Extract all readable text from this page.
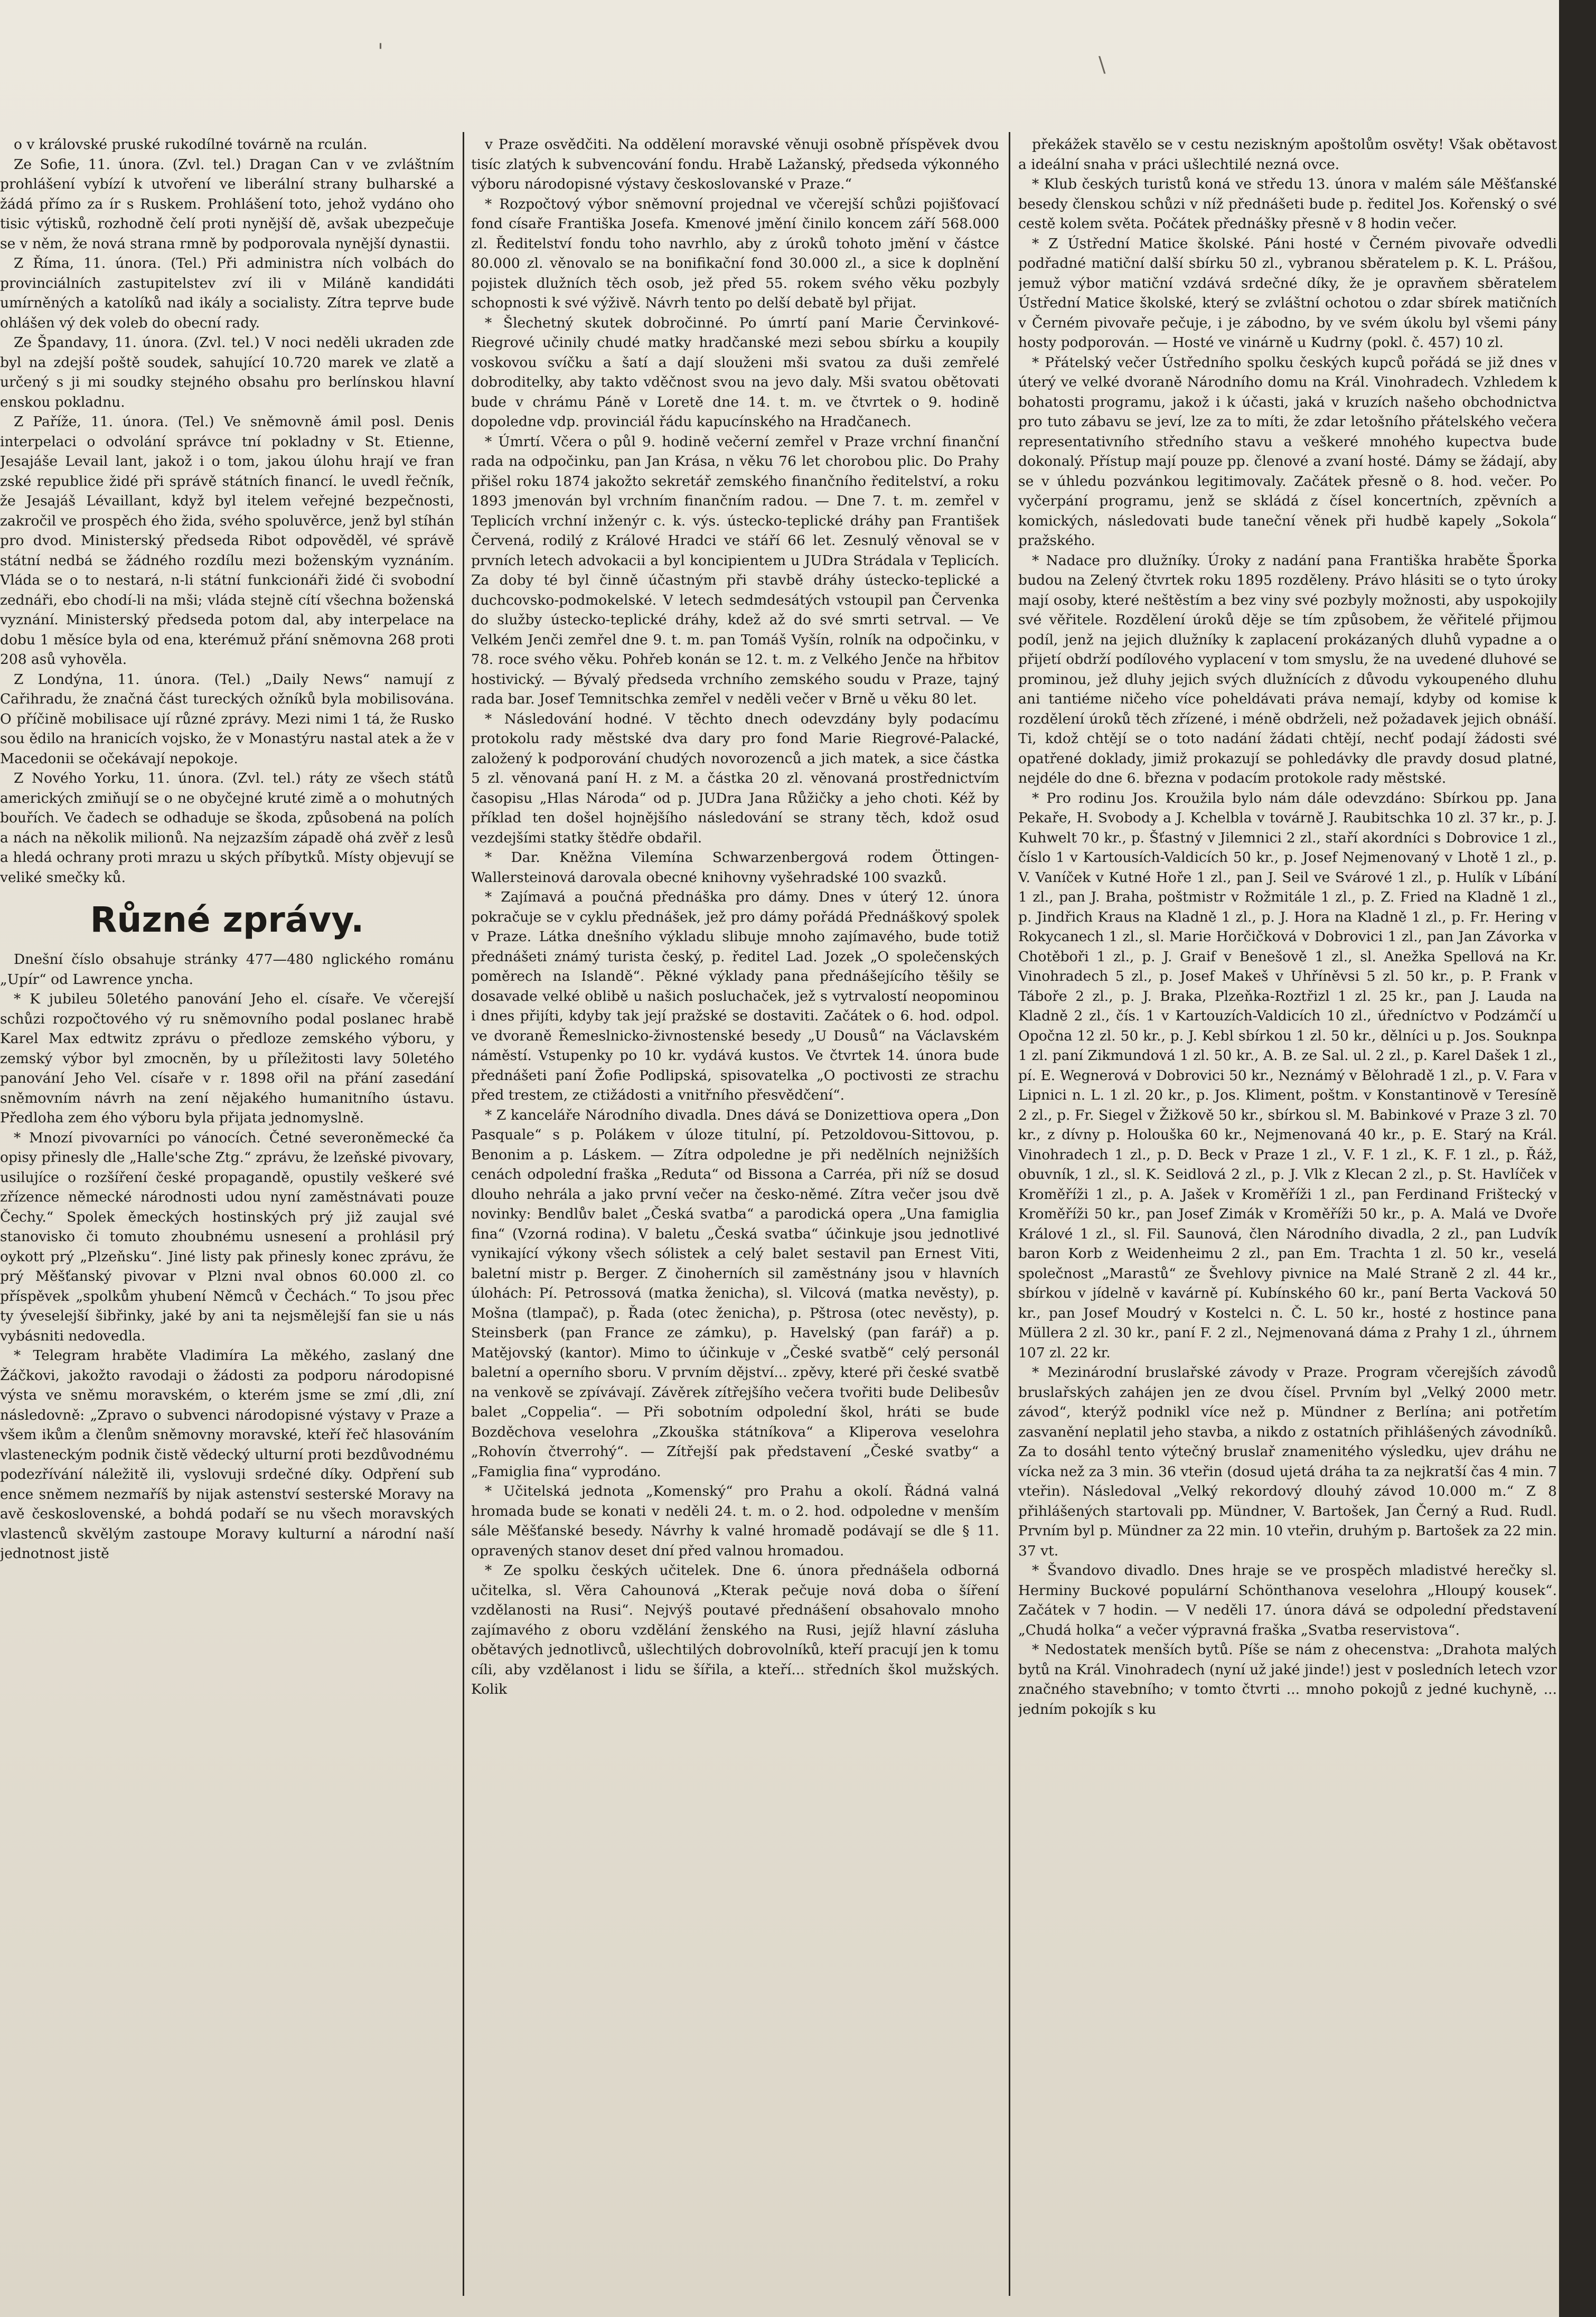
'
\

o v královské pruské rukodílné továrně na rculán.

Ze Sofie, 11. února. (Zvl. tel.) Dragan Can v ve zvláštním prohlášení vybízí k utvoření ve liberální strany bulharské a žádá přímo za ír s Ruskem. Prohlášení toto, jehož vydáno oho tisic výtisků, rozhodně čelí proti nynější dě, avšak ubezpečuje se v něm, že nová strana rmně by podporovala nynější dynastii.

Z Říma, 11. února. (Tel.) Při administra ních volbách do provinciálních zastupitelstev zví ili v Miláně kandidáti umírněných a katolíků nad ikály a socialisty. Zítra teprve bude ohlášen vý dek voleb do obecní rady.

Ze Špandavy, 11. února. (Zvl. tel.) V noci neděli ukraden zde byl na zdejší poště soudek, sahující 10.720 marek ve zlatě a určený s ji mi soudky stejného obsahu pro berlínskou hlavní enskou pokladnu.

Z Paříže, 11. února. (Tel.) Ve sněmovně ámil posl. Denis interpelaci o odvolání správce tní pokladny v St. Etienne, Jesajáše Levail lant, jakož i o tom, jakou úlohu hrají ve fran zské republice židé při správě státních financí. le uvedl řečník, že Jesajáš Lévaillant, když byl itelem veřejné bezpečnosti, zakročil ve prospěch ého žida, svého spoluvěrce, jenž byl stíhán pro dvod. Ministerský předseda Ribot odpověděl, vé správě státní nedbá se žádného rozdílu mezi boženským vyznáním. Vláda se o to nestará, n-li státní funkcionáři židé či svobodní zednáři, ebo chodí-li na mši; vláda stejně cítí všechna boženská vyznání. Ministerský předseda potom dal, aby interpelace na dobu 1 měsíce byla od ena, kterémuž přání sněmovna 268 proti 208 asů vyhověla.

Z Londýna, 11. února. (Tel.) „Daily News“ namují z Cařihradu, že značná část tureckých ožníků byla mobilisována. O příčině mobilisace ují různé zprávy. Mezi nimi 1 tá, že Rusko sou ědilo na hranicích vojsko, že v Monastýru nastal atek a že v Macedonii se očekávají nepokoje.

Z Nového Yorku, 11. února. (Zvl. tel.) ráty ze všech států amerických zmiňují se o ne obyčejné kruté zimě a o mohutných bouřích. Ve čadech se odhaduje se škoda, způsobená na polích a nách na několik milionů. Na nejzazším západě ohá zvěř z lesů a hledá ochrany proti mrazu u ských příbytků. Místy objevují se veliké smečky ků.

Různé zprávy.

Dnešní číslo obsahuje stránky 477—480 nglického románu „Upír“ od Lawrence ynchа.

* K jubileu 50letého panování Jeho el. císaře. Ve včerejší schůzi rozpočtového vý ru sněmovního podal poslanec hrabě Karel Max edtwitz zprávu o předloze zemského výboru, y zemský výbor byl zmocněn, by u příležitosti lavy 50letého panování Jeho Vel. císaře v r. 1898 ořil na přání zasedání sněmovním návrh na zení nějakého humanitního ústavu. Předloha zem ého výboru byla přijata jednomyslně.

* Mnozí pivovarníci po vánocích. Četné severoněmecké ča opisy přinesly dle „Halle'sche Ztg.“ zprávu, že lzeňské pivovary, usilujíce o rozšíření české propagandě, opustily veškeré své zřízence německé národnosti udou nyní zaměstnávati pouze Čechy.“ Spolek ěmeckých hostinských prý již zaujal své stanovisko či tomuto zhoubnému usnesení a prohlásil prý oykott prý „Plzeňsku“. Jiné listy pak přinesly konec zprávu, že prý Měšťanský pivovar v Plzni nval obnos 60.000 zl. co příspěvek „spolkům yhubení Němců v Čechách.“ To jsou přec ty ýveselejší šibřinky, jaké by ani ta nejsmělejší fan sie u nás vybásniti nedovedla.

* Telegram hraběte Vladimíra La měkého, zaslaný dne Žáčkovi, jakožto ravodaji o žádosti za podporu národopisné výsta ve sněmu moravském, o kterém jsme se zmí ,dli, zní následovně: „Zpravo o subvenci národopisné výstavy v Praze a všem ikům a členům sněmovny moravské, kteří řeč hlasováním vlasteneckým podnik čistě vědecký ulturní proti bezdůvodnému podezřívání náležitě ili, vyslovuji srdečné díky. Odpření sub ence sněmem nezmaříš by nijak astenství sesterské Moravy na avě československé, a bohdá podaří se nu všech moravských vlastenců skvělým zastoupe Moravy kulturní a národní naší jednotnost jistě

v Praze osvědčiti. Na oddělení moravské věnuji osobně příspěvek dvou tisíc zlatých k subvencování fondu. Hrabě Lažanský, předseda výkonného výboru národopisné výstavy českoslovanské v Praze.“

* Rozpočtový výbor sněmovní projednal ve včerejší schůzi pojišťovací fond císaře Františka Josefa. Kmenové jmění činilo koncem září 568.000 zl. Ředitelství fondu toho navrhlo, aby z úroků tohoto jmění v částce 80.000 zl. věnovalo se na bonifikační fond 30.000 zl., a sice k doplnění pojistek dlužních těch osob, jež před 55. rokem svého věku pozbyly schopnosti k své výživě. Návrh tento po delší debatě byl přijat.

* Šlechetný skutek dobročinné. Po úmrtí paní Marie Červinkové-Riegrové učinily chudé matky hradčanské mezi sebou sbírku a koupily voskovou svíčku a šatí a dají slouženi mši svatou za duši zemřelé dobroditelky, aby takto vděčnost svou na jevo daly. Mši svatou obětovati bude v chrámu Páně v Loretě dne 14. t. m. ve čtvrtek o 9. hodině dopoledne vdp. provinciál řádu kapucínského na Hradčanech.

* Úmrtí. Včera o půl 9. hodině večerní zemřel v Praze vrchní finanční rada na odpočinku, pan Jan Krása, n věku 76 let chorobou plic. Do Prahy přišel roku 1874 jakožto sekretář zemského finančního ředitelství, a roku 1893 jmenován byl vrchním finančním radou. — Dne 7. t. m. zemřel v Teplicích vrchní inženýr c. k. výs. ústecko-teplické dráhy pan František Červená, rodilý z Králové Hradci ve stáří 66 let. Zesnulý věnoval se v prvních letech advokacii a byl koncipientem u JUDra Strádala v Teplicích. Za doby té byl činně účastným při stavbě dráhy ústecko-teplické a duchcovsko-podmokelské. V letech sedmdesátých vstoupil pan Červenka do služby ústecko-teplické dráhy, kdež až do své smrti setrval. — Ve Velkém Jenči zemřel dne 9. t. m. pan Tomáš Vyšín, rolník na odpočinku, v 78. roce svého věku. Pohřeb konán se 12. t. m. z Velkého Jenče na hřbitov hostivický. — Bývalý předseda vrchního zemského soudu v Praze, tajný rada bar. Josef Temnitschka zemřel v neděli večer v Brně u věku 80 let.

* Následování hodné. V těchto dnech odevzdány byly podacímu protokolu rady městské dva dary pro fond Marie Riegrové-Palacké, založený k podporování chudých novorozenců a jich matek, a sice částka 5 zl. věnovaná paní H. z M. a částka 20 zl. věnovaná prostřednictvím časopisu „Hlas Národa“ od p. JUDra Jana Růžičky a jeho choti. Kéž by příklad ten došel hojnějšího následování se strany těch, kdož osud vezdejšími statky štědře obdařil.

* Dar. Kněžna Vilemína Schwarzenbergová rodem Öttingen-Wallersteinová darovala obecné knihovny vyšehradské 100 svazků.

* Zajímavá a poučná přednáška pro dámy. Dnes v úterý 12. února pokračuje se v cyklu přednášek, jež pro dámy pořádá Přednáškový spolek v Praze. Látka dnešního výkladu slibuje mnoho zajímavého, bude totiž přednášeti známý turista český, p. ředitel Lad. Jozek „O společenských poměrech na Islandě“. Pěkné výklady pana přednášejícího těšily se dosavade velké oblibě u našich posluchaček, jež s vytrvalostí neopominou i dnes přijíti, kdyby tak její pražské se dostaviti. Začátek o 6. hod. odpol. ve dvoraně Řemeslnicko-živnostenské besedy „U Dousů“ na Václavském náměstí. Vstupenky po 10 kr. vydává kustos. Ve čtvrtek 14. února bude přednášeti paní Žofie Podlipská, spisovatelka „O poctivosti ze strachu před trestem, ze ctižádosti a vnitřního přesvědčení“.

* Z kanceláře Národního divadla. Dnes dává se Donizettiova opera „Don Pasquale“ s p. Polákem v úloze titulní, pí. Petzoldovou-Sittovou, p. Benonim a p. Láskem. — Zítra odpoledne je při nedělních nejnižších cenách odpolední fraška „Reduta“ od Bissona a Carréa, při níž se dosud dlouho nehrála a jako první večer na česko-němé. Zítra večer jsou dvě novinky: Bendlův balet „Česká svatba“ a parodická opera „Una famiglia fina“ (Vzorná rodina). V baletu „Česká svatba“ účinkuje jsou jednotlivé vynikající výkony všech sólistek a celý balet sestavil pan Ernest Viti, baletní mistr p. Berger. Z činoherních sil zaměstnány jsou v hlavních úlohách: Pí. Petrossová (matka ženicha), sl. Vilcová (matka nevěsty), p. Mošna (tlampač), p. Řada (otec ženicha), p. Pštrosa (otec nevěsty), p. Steinsberk (pan France ze zámku), p. Havelský (pan farář) a p. Matějovský (kantor). Mimo to účinkuje v „České svatbě“ celý personál baletní a operního sboru. V prvním dějství... zpěvy, které při české svatbě na venkově se zpívávají. Závěrek zítřejšího večera tvořiti bude Delibesův balet „Coppelia“. — Při sobotním odpolední škol, hráti se bude Bozděchova veselohra „Zkouška státníkova“ a Kliperova veselohra „Rohovín čtverrohý“. — Zítřejší pak představení „České svatby“ a „Famiglia fina“ vyprodáno.

* Učitelská jednota „Komenský“ pro Prahu a okolí. Řádná valná hromada bude se konati v neděli 24. t. m. o 2. hod. odpoledne v menším sále Měšťanské besedy. Návrhy k valné hromadě podávají se dle § 11. opravených stanov deset dní před valnou hromadou.

* Ze spolku českých učitelek. Dne 6. února přednášela odborná učitelka, sl. Věra Cahounová „Kterak pečuje nová doba o šíření vzdělanosti na Rusi“. Nejvýš poutavé přednášení obsahovalo mnoho zajímavého z oboru vzdělání ženského na Rusi, jejíž hlavní zásluha obětavých jednotlivců, ušlechtilých dobrovolníků, kteří pracují jen k tomu cíli, aby vzdělanost i lidu se šířila, a kteří... středních škol mužských. Kolik

překážek stavělo se v cestu neziskným apoštolům osvěty! Však obětavost a ideální snaha v práci ušlechtilé nezná ovce.

* Klub českých turistů koná ve středu 13. února v malém sále Měšťanské besedy členskou schůzi v níž přednášeti bude p. ředitel Jos. Kořenský o své cestě kolem světa. Počátek přednášky přesně v 8 hodin večer.

* Z Ústřední Matice školské. Páni hosté v Černém pivovaře odvedli podřadné matiční další sbírku 50 zl., vybranou sběratelem p. K. L. Prášou, jemuž výbor matiční vzdává srdečné díky, že je opravňem sběratelem Ústřední Matice školské, který se zvláštní ochotou o zdar sbírek matičních v Černém pivovaře pečuje, i je zábodno, by ve svém úkolu byl všemi pány hosty podporován. — Hosté ve vinárně u Kudrny (pokl. č. 457) 10 zl.

* Přátelský večer Ústředního spolku českých kupců pořádá se již dnes v úterý ve velké dvoraně Národního domu na Král. Vinohradech. Vzhledem k bohatosti programu, jakož i k účasti, jaká v kruzích našeho obchodnictva pro tuto zábavu se jeví, lze za to míti, že zdar letošního přátelského večera representativního středního stavu a veškeré mnohého kupectva bude dokonalý. Přístup mají pouze pp. členové a zvaní hosté. Dámy se žádají, aby se v úhledu pozvánkou legitimovaly. Začátek přesně o 8. hod. večer. Po vyčerpání programu, jenž se skládá z čísel koncertních, zpěvních a komických, následovati bude taneční věnek při hudbě kapely „Sokola“ pražského.

* Nadace pro dlužníky. Úroky z nadání pana Františka hraběte Šporka budou na Zelený čtvrtek roku 1895 rozděleny. Právo hlásiti se o tyto úroky mají osoby, které neštěstím a bez viny své pozbyly možnosti, aby uspokojily své věřitele. Rozdělení úroků děje se tím způsobem, že věřitelé přijmou podíl, jenž na jejich dlužníky k zaplacení prokázaných dluhů vypadne a o přijetí obdrží podílového vyplacení v tom smyslu, že na uvedené dluhové se prominou, jež dluhy jejich svých dlužnících z důvodu vykoupeného dluhu ani tantiéme ničeho více poheldávati práva nemají, kdyby od komise k rozdělení úroků těch zřízené, i méně obdrželi, než požadavek jejich obnáší. Ti, kdož chtějí se o toto nadání žádati chtějí, nechť podají žádosti své opatřené doklady, jimiž prokazují se pohledávky dle pravdy dosud platné, nejdéle do dne 6. března v podacím protokole rady městské.

* Pro rodinu Jos. Kroužila bylo nám dále odevzdáno: Sbírkou pp. Jana Pekaře, H. Svobody a J. Kchelbla v továrně J. Raubitschka 10 zl. 37 kr., p. J. Kuhwelt 70 kr., p. Šťastný v Jilemnici 2 zl., staří akordníci s Dobrovice 1 zl., číslo 1 v Kartousích-Valdicích 50 kr., p. Josef Nejmenovaný v Lhotě 1 zl., p. V. Vaníček v Kutné Hoře 1 zl., pan J. Seil ve Svárové 1 zl., p. Hulík v Líbání 1 zl., pan J. Braha, poštmistr v Rožmitále 1 zl., p. Z. Fried na Kladně 1 zl., p. Jindřich Kraus na Kladně 1 zl., p. J. Hora na Kladně 1 zl., p. Fr. Hering v Rokycanech 1 zl., sl. Marie Horčičková v Dobrovici 1 zl., pan Jan Závorka v Chotěboři 1 zl., p. J. Graif v Benešově 1 zl., sl. Anežka Spellová na Kr. Vinohradech 5 zl., p. Josef Makeš v Uhříněvsi 5 zl. 50 kr., p. P. Frank v Táboře 2 zl., p. J. Braka, Plzeňka-Roztřizl 1 zl. 25 kr., pan J. Lauda na Kladně 2 zl., čís. 1 v Kartouzích-Valdicích 10 zl., úředníctvo v Podzámčí u Opočna 12 zl. 50 kr., p. J. Kebl sbírkou 1 zl. 50 kr., dělníci u p. Jos. Souknpa 1 zl. paní Zikmundová 1 zl. 50 kr., A. B. ze Sal. ul. 2 zl., p. Karel Dašek 1 zl., pí. E. Wegnerová v Dobrovici 50 kr., Neznámý v Bělohradě 1 zl., p. V. Fara v Lipnici n. L. 1 zl. 20 kr., p. Jos. Kliment, poštm. v Konstantinově v Teresíně 2 zl., p. Fr. Siegel v Žižkově 50 kr., sbírkou sl. M. Babinkové v Praze 3 zl. 70 kr., z dívny p. Holouška 60 kr., Nejmenovaná 40 kr., p. E. Starý na Král. Vinohradech 1 zl., p. D. Beck v Praze 1 zl., V. F. 1 zl., K. F. 1 zl., p. Řáž, obuvník, 1 zl., sl. K. Seidlová 2 zl., p. J. Vlk z Klecan 2 zl., p. St. Havlíček v Kroměříži 1 zl., p. A. Jašek v Kroměříži 1 zl., pan Ferdinand Frištecký v Kroměříži 50 kr., pan Josef Zimák v Kroměříži 50 kr., p. A. Malá ve Dvoře Králové 1 zl., sl. Fil. Saunová, člen Národního divadla, 2 zl., pan Ludvík baron Korb z Weidenheimu 2 zl., pan Em. Trachta 1 zl. 50 kr., veselá společnost „Marastů“ ze Švehlovy pivnice na Malé Straně 2 zl. 44 kr., sbírkou v jídelně v kavárně pí. Kubínského 60 kr., paní Berta Vacková 50 kr., pan Josef Moudrý v Kostelci n. Č. L. 50 kr., hosté z hostince pana Müllera 2 zl. 30 kr., paní F. 2 zl., Nejmenovaná dáma z Prahy 1 zl., úhrnem 107 zl. 22 kr.

* Mezinárodní bruslařské závody v Praze. Program včerejších závodů bruslařských zahájen jen ze dvou čísel. Prvním byl „Velký 2000 metr. závod“, kterýž podnikl více než p. Mündner z Berlína; ani potřetím zasvanění neplatil jeho stavba, a nikdo z ostatních přihlášených závodníků. Za to dosáhl tento výtečný bruslař znamenitého výsledku, ujev dráhu ne vícka než za 3 min. 36 vteřin (dosud ujetá dráha ta za nejkratší čas 4 min. 7 vteřin). Následoval „Velký rekordový dlouhý závod 10.000 m.“ Z 8 přihlášených startovali pp. Mündner, V. Bartošek, Jan Černý a Rud. Rudl. Prvním byl p. Mündner za 22 min. 10 vteřin, druhým p. Bartošek za 22 min. 37 vt.

* Švandovo divadlo. Dnes hraje se ve prospěch mladistvé herečky sl. Herminy Buckové populární Schönthanova veselohra „Hloupý kousek“. Začátek v 7 hodin. — V neděli 17. února dává se odpolední představení „Chudá holka“ a večer výpravná fraška „Svatba reservistova“.

* Nedostatek menších bytů. Píše se nám z ohecenstva: „Drahota malých bytů na Král. Vinohradech (nyní už jaké jinde!) jest v posledních letech vzor značného stavebního; v tomto čtvrti ... mnoho pokojů z jedné kuchyně, ... jedním pokojík s ku
